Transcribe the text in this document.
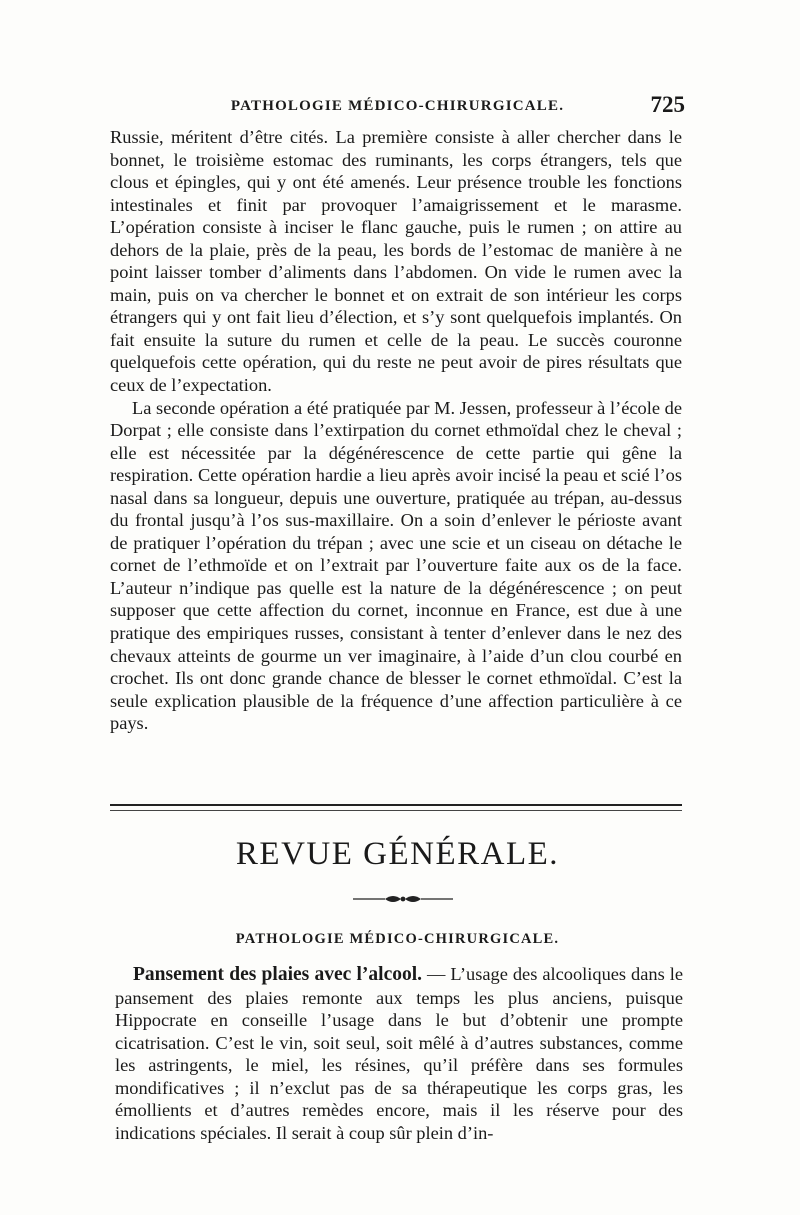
PATHOLOGIE MÉDICO-CHIRURGICALE.	725

Russie, méritent d’être cités. La première consiste à aller chercher dans le bonnet, le troisième estomac des ruminants, les corps étrangers, tels que clous et épingles, qui y ont été amenés. Leur présence trouble les fonctions intestinales et finit par provoquer l’amaigrissement et le marasme. L’opération consiste à inciser le flanc gauche, puis le rumen ; on attire au dehors de la plaie, près de la peau, les bords de l’estomac de manière à ne point laisser tomber d’aliments dans l’abdomen. On vide le rumen avec la main, puis on va chercher le bonnet et on extrait de son intérieur les corps étrangers qui y ont fait lieu d’élection, et s’y sont quelquefois implantés. On fait ensuite la suture du rumen et celle de la peau. Le succès couronne quelquefois cette opération, qui du reste ne peut avoir de pires résultats que ceux de l’expectation.

La seconde opération a été pratiquée par M. Jessen, professeur à l’école de Dorpat ; elle consiste dans l’extirpation du cornet ethmoïdal chez le cheval ; elle est nécessitée par la dégénérescence de cette partie qui gêne la respiration. Cette opération hardie a lieu après avoir incisé la peau et scié l’os nasal dans sa longueur, depuis une ouverture, pratiquée au trépan, au-dessus du frontal jusqu’à l’os sus-maxillaire. On a soin d’enlever le périoste avant de pratiquer l’opération du trépan ; avec une scie et un ciseau on détache le cornet de l’ethmoïde et on l’extrait par l’ouverture faite aux os de la face. L’auteur n’indique pas quelle est la nature de la dégénérescence ; on peut supposer que cette affection du cornet, inconnue en France, est due à une pratique des empiriques russes, consistant à tenter d’enlever dans le nez des chevaux atteints de gourme un ver imaginaire, à l’aide d’un clou courbé en crochet. Ils ont donc grande chance de blesser le cornet ethmoïdal. C’est la seule explication plausible de la fréquence d’une affection particulière à ce pays.

REVUE GÉNÉRALE.
PATHOLOGIE MÉDICO-CHIRURGICALE.

Pansement des plaies avec l’alcool. — L’usage des alcooliques dans le pansement des plaies remonte aux temps les plus anciens, puisque Hippocrate en conseille l’usage dans le but d’obtenir une prompte cicatrisation. C’est le vin, soit seul, soit mêlé à d’autres substances, comme les astringents, le miel, les résines, qu’il préfère dans ses formules mondificatives ; il n’exclut pas de sa thérapeutique les corps gras, les émollients et d’autres remèdes encore, mais il les réserve pour des indications spéciales. Il serait à coup sûr plein d’in-
